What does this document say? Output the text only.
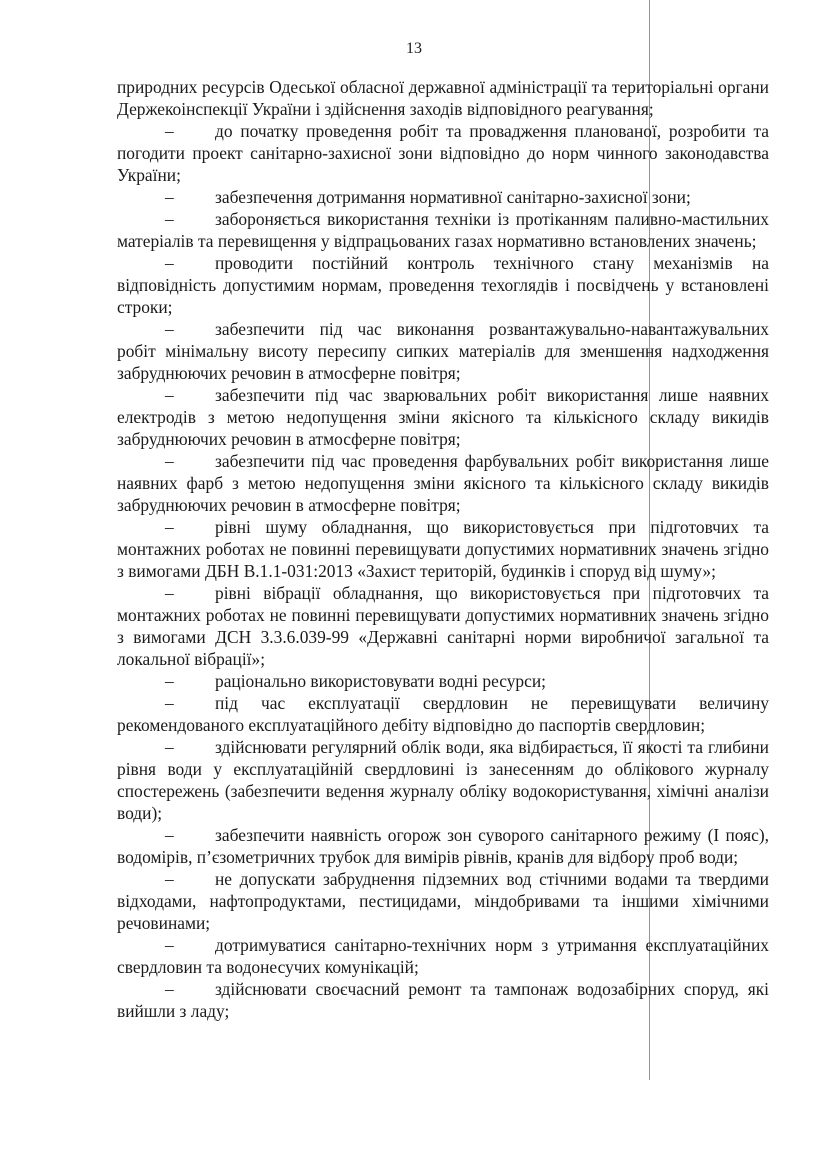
13

природних ресурсів Одеської обласної державної адміністрації та територіальні органи Держекоінспекції України і здійснення заходів відповідного реагування;

– до початку проведення робіт та провадження планованої, розробити та погодити проект санітарно-захисної зони відповідно до норм чинного законодавства України;

– забезпечення дотримання нормативної санітарно-захисної зони;

– забороняється використання техніки із протіканням паливно-мастильних матеріалів та перевищення у відпрацьованих газах нормативно встановлених значень;

– проводити постійний контроль технічного стану механізмів на відповідність допустимим нормам, проведення техоглядів і посвідчень у встановлені строки;

– забезпечити під час виконання розвантажувально-навантажувальних робіт мінімальну висоту пересипу сипких матеріалів для зменшення надходження забруднюючих речовин в атмосферне повітря;

– забезпечити під час зварювальних робіт використання лише наявних електродів з метою недопущення зміни якісного та кількісного складу викидів забруднюючих речовин в атмосферне повітря;

– забезпечити під час проведення фарбувальних робіт використання лише наявних фарб з метою недопущення зміни якісного та кількісного складу викидів забруднюючих речовин в атмосферне повітря;

– рівні шуму обладнання, що використовується при підготовчих та монтажних роботах не повинні перевищувати допустимих нормативних значень згідно з вимогами ДБН В.1.1-031:2013 «Захист територій, будинків і споруд від шуму»;

– рівні вібрації обладнання, що використовується при підготовчих та монтажних роботах не повинні перевищувати допустимих нормативних значень згідно з вимогами ДСН 3.3.6.039-99 «Державні санітарні норми виробничої загальної та локальної вібрації»;

– раціонально використовувати водні ресурси;

– під час експлуатації свердловин не перевищувати величину рекомендованого експлуатаційного дебіту відповідно до паспортів свердловин;

– здійснювати регулярний облік води, яка відбирається, її якості та глибини рівня води у експлуатаційній свердловині із занесенням до облікового журналу спостережень (забезпечити ведення журналу обліку водокористування, хімічні аналізи води);

– забезпечити наявність огорож зон суворого санітарного режиму (I пояс), водомірів, п’єзометричних трубок для вимірів рівнів, кранів для відбору проб води;

– не допускати забруднення підземних вод стічними водами та твердими відходами, нафтопродуктами, пестицидами, міндобривами та іншими хімічними речовинами;

– дотримуватися санітарно-технічних норм з утримання експлуатаційних свердловин та водонесучих комунікацій;

– здійснювати своєчасний ремонт та тампонаж водозабірних споруд, які вийшли з ладу;
